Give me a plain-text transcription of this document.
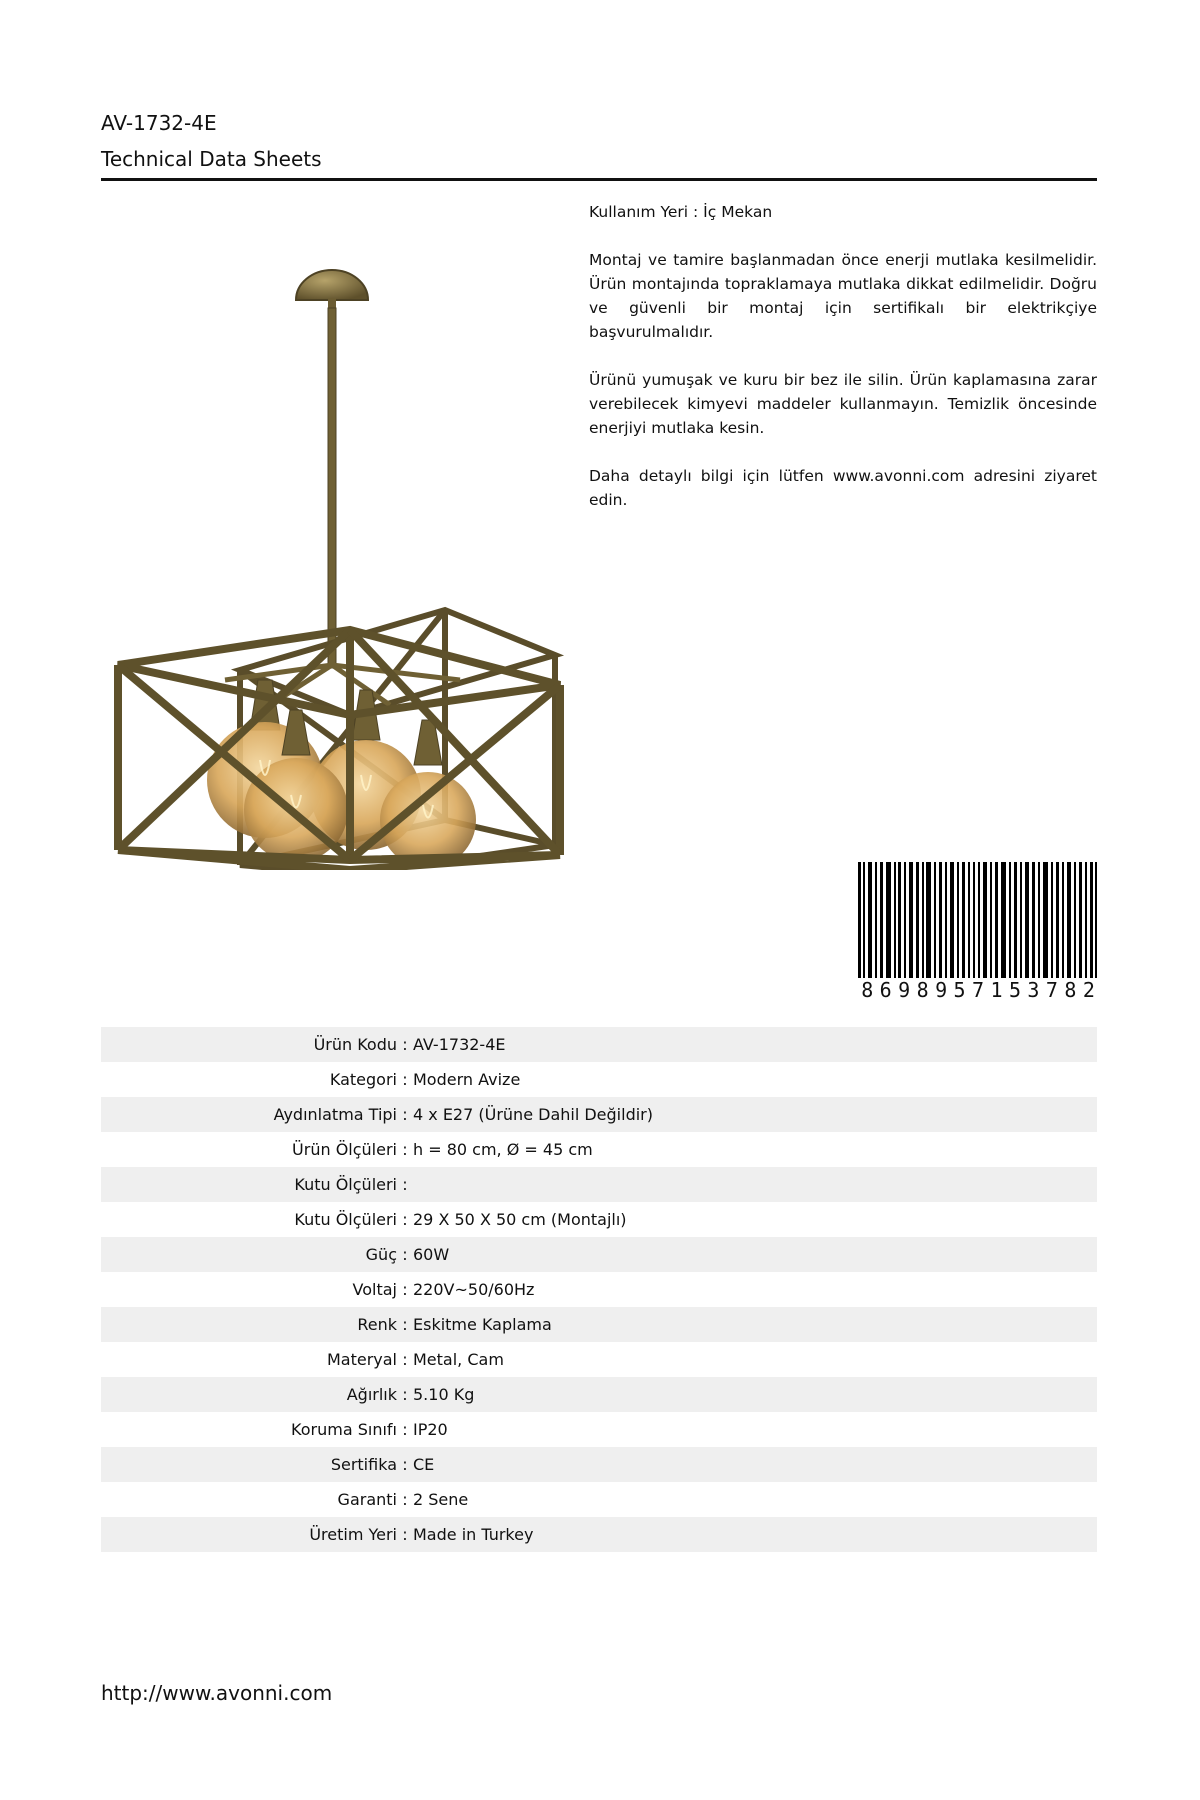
AV-1732-4E
Technical Data Sheets

Kullanım Yeri : İç Mekan

Montaj ve tamire başlanmadan önce enerji mutlaka kesilmelidir. Ürün montajında topraklamaya mutlaka dikkat edilmelidir. Doğru ve güvenli bir montaj için sertifikalı bir elektrikçiye başvurulmalıdır.

Ürünü yumuşak ve kuru bir bez ile silin. Ürün kaplamasına zarar verebilecek kimyevi maddeler kullanmayın. Temizlik öncesinde enerjiyi mutlaka kesin.

Daha detaylı bilgi için lütfen www.avonni.com adresini ziyaret edin.

8 6 9 8 9 5 7 1 5 3 7 8 2
Ürün Kodu : AV-1732-4E
Kategori : Modern Avize
Aydınlatma Tipi : 4 x E27 (Ürüne Dahil Değildir)
Ürün Ölçüleri : h = 80 cm, Ø = 45 cm
Kutu Ölçüleri :
Kutu Ölçüleri : 29 X 50 X 50 cm (Montajlı)
Güç : 60W
Voltaj : 220V~50/60Hz
Renk : Eskitme Kaplama
Materyal : Metal, Cam
Ağırlık : 5.10 Kg
Koruma Sınıfı : IP20
Sertifika : CE
Garanti : 2 Sene
Üretim Yeri : Made in Turkey
http://www.avonni.com
